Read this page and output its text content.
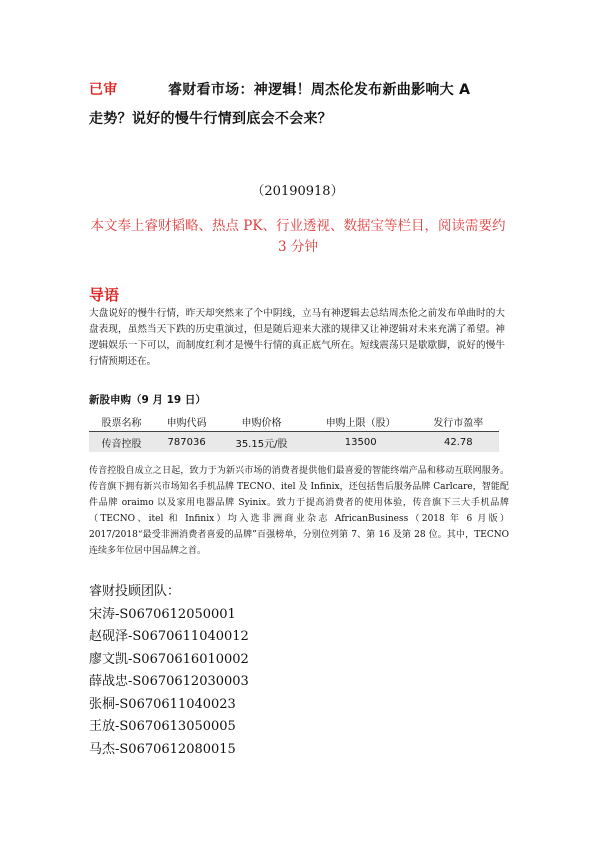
已审	睿财看市场：神逻辑！周杰伦发布新曲影响大 A
走势？说好的慢牛行情到底会不会来？
（20190918）
本文奉上睿财韬略、热点 PK、行业透视、数据宝等栏目，阅读需要约 3 分钟
导语
大盘说好的慢牛行情，昨天却突然来了个中阴线，立马有神逻辑去总结周杰伦之前发布单曲时的大盘表现，虽然当天下跌的历史重演过，但是随后迎来大涨的规律又让神逻辑对未来充满了希望。神逻辑娱乐一下可以，而制度红利才是慢牛行情的真正底气所在。短线震荡只是歇歇脚，说好的慢牛行情预期还在。
新股申购（9 月 19 日）
股票名称	申购代码	申购价格	申购上限（股）	发行市盈率
传音控股	787036	35.15元/股	13500	42.78
传音控股自成立之日起，致力于为新兴市场的消费者提供他们最喜爱的智能终端产品和移动互联网服务。传音旗下拥有新兴市场知名手机品牌 TECNO、itel 及 Infinix，还包括售后服务品牌 Carlcare，智能配件品牌 oraimo 以及家用电器品牌 Syinix。致力于提高消费者的使用体验，传音旗下三大手机品牌（TECNO、itel 和 Infinix）均入选非洲商业杂志 AfricanBusiness（2018 年 6 月版）2017/2018“最受非洲消费者喜爱的品牌”百强榜单，分别位列第 7、第 16 及第 28 位。其中，TECNO 连续多年位居中国品牌之首。
睿财投顾团队：
宋涛-S0670612050001
赵砚泽-S0670611040012
廖文凯-S0670616010002
薛战忠-S0670612030003
张桐-S0670611040023
王放-S0670613050005
马杰-S0670612080015
